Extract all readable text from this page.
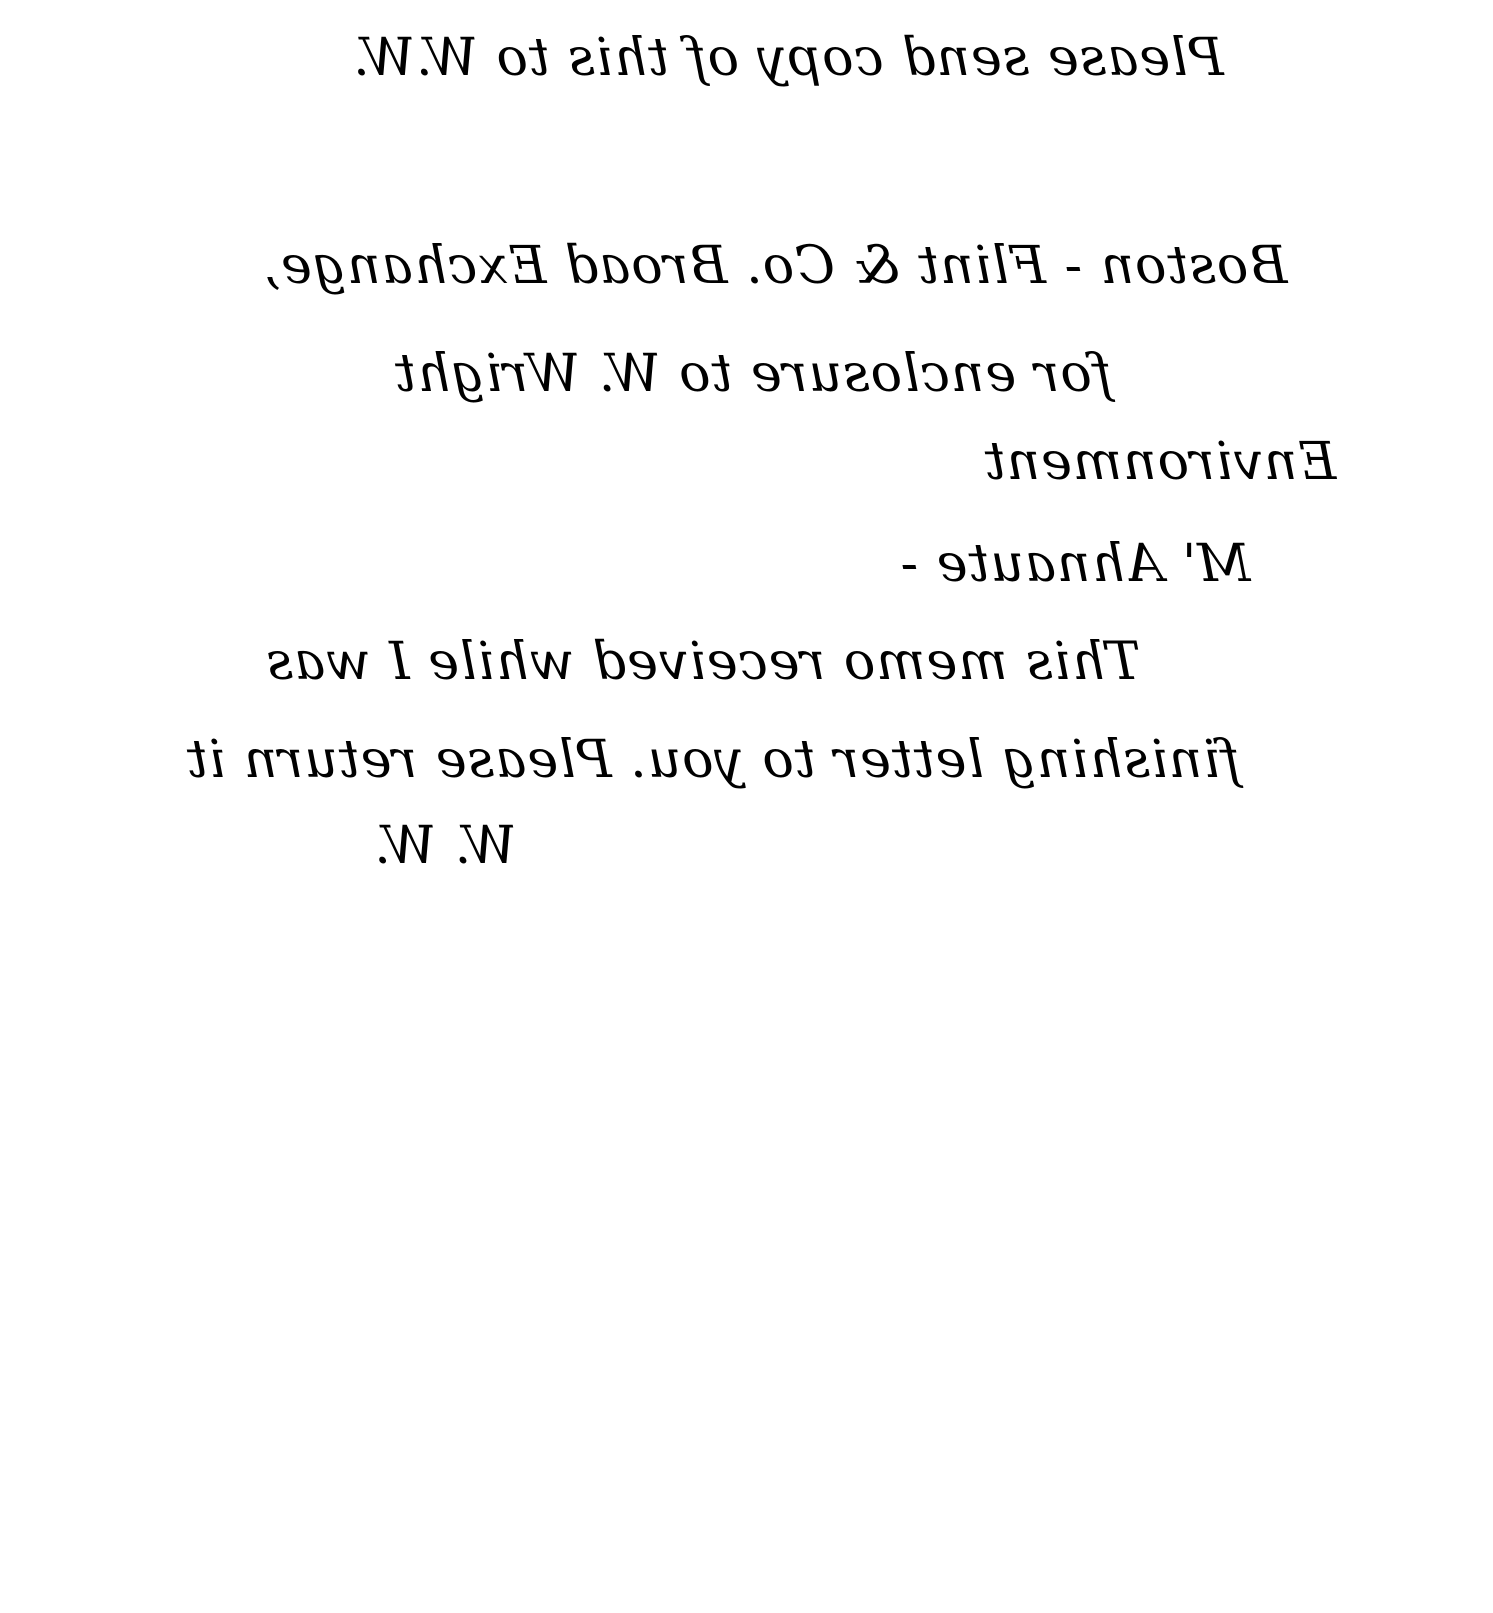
Please send copy of this to W.W.

Boston - Flint & Co. Broad Exchange,

for enclosure to W. Wright

Environment

M' Ahnaute -

This memo received while I was

finishing letter to you. Please return it

W. W.
